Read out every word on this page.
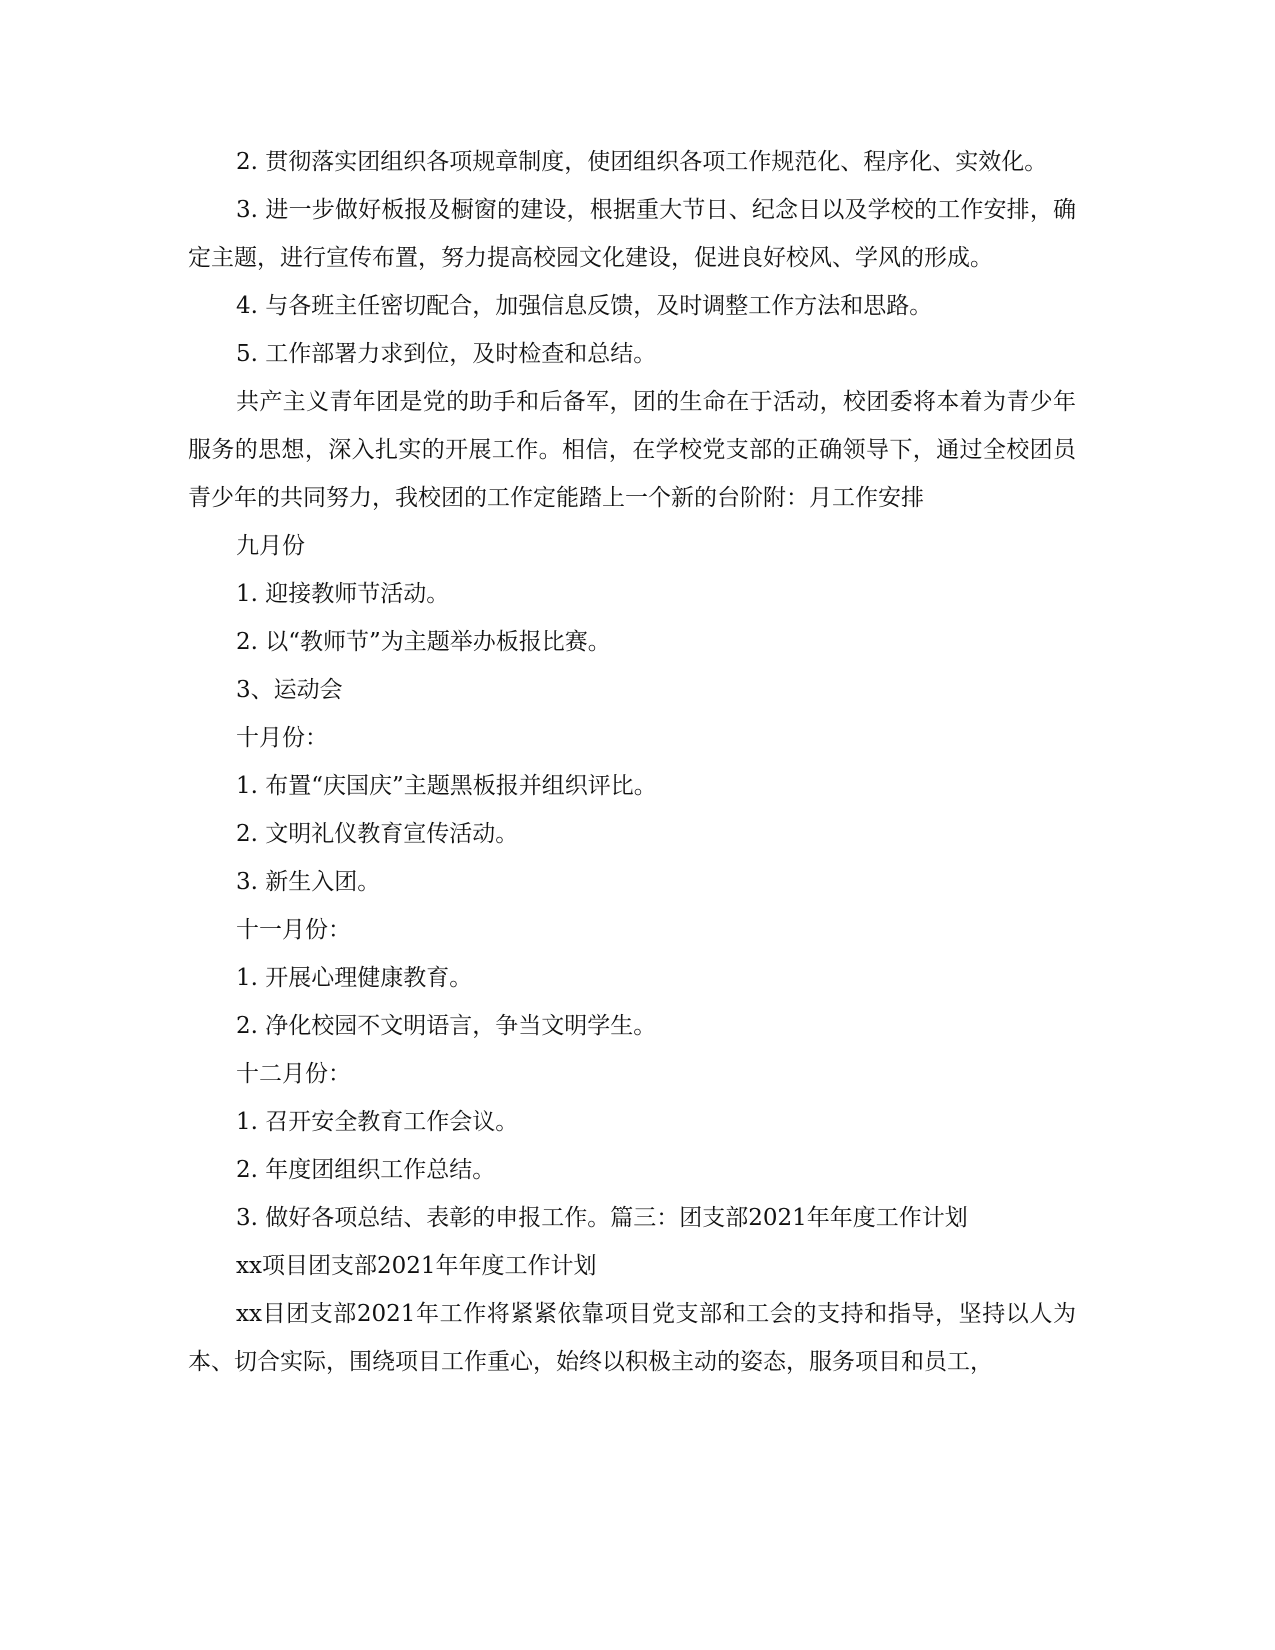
2. 贯彻落实团组织各项规章制度，使团组织各项工作规范化、程序化、实效化。

3. 进一步做好板报及橱窗的建设，根据重大节日、纪念日以及学校的工作安排，确定主题，进行宣传布置，努力提高校园文化建设，促进良好校风、学风的形成。

4. 与各班主任密切配合，加强信息反馈，及时调整工作方法和思路。

5. 工作部署力求到位，及时检查和总结。

共产主义青年团是党的助手和后备军，团的生命在于活动，校团委将本着为青少年服务的思想，深入扎实的开展工作。相信，在学校党支部的正确领导下，通过全校团员青少年的共同努力，我校团的工作定能踏上一个新的台阶附：月工作安排

九月份

1. 迎接教师节活动。

2. 以“教师节”为主题举办板报比赛。

3、运动会

十月份：

1. 布置“庆国庆”主题黑板报并组织评比。

2. 文明礼仪教育宣传活动。

3. 新生入团。

十一月份：

1. 开展心理健康教育。

2. 净化校园不文明语言，争当文明学生。

十二月份：

1. 召开安全教育工作会议。

2. 年度团组织工作总结。

3. 做好各项总结、表彰的申报工作。篇三：团支部2021年年度工作计划

xx项目团支部2021年年度工作计划

xx目团支部2021年工作将紧紧依靠项目党支部和工会的支持和指导，坚持以人为本、切合实际，围绕项目工作重心，始终以积极主动的姿态，服务项目和员工，
